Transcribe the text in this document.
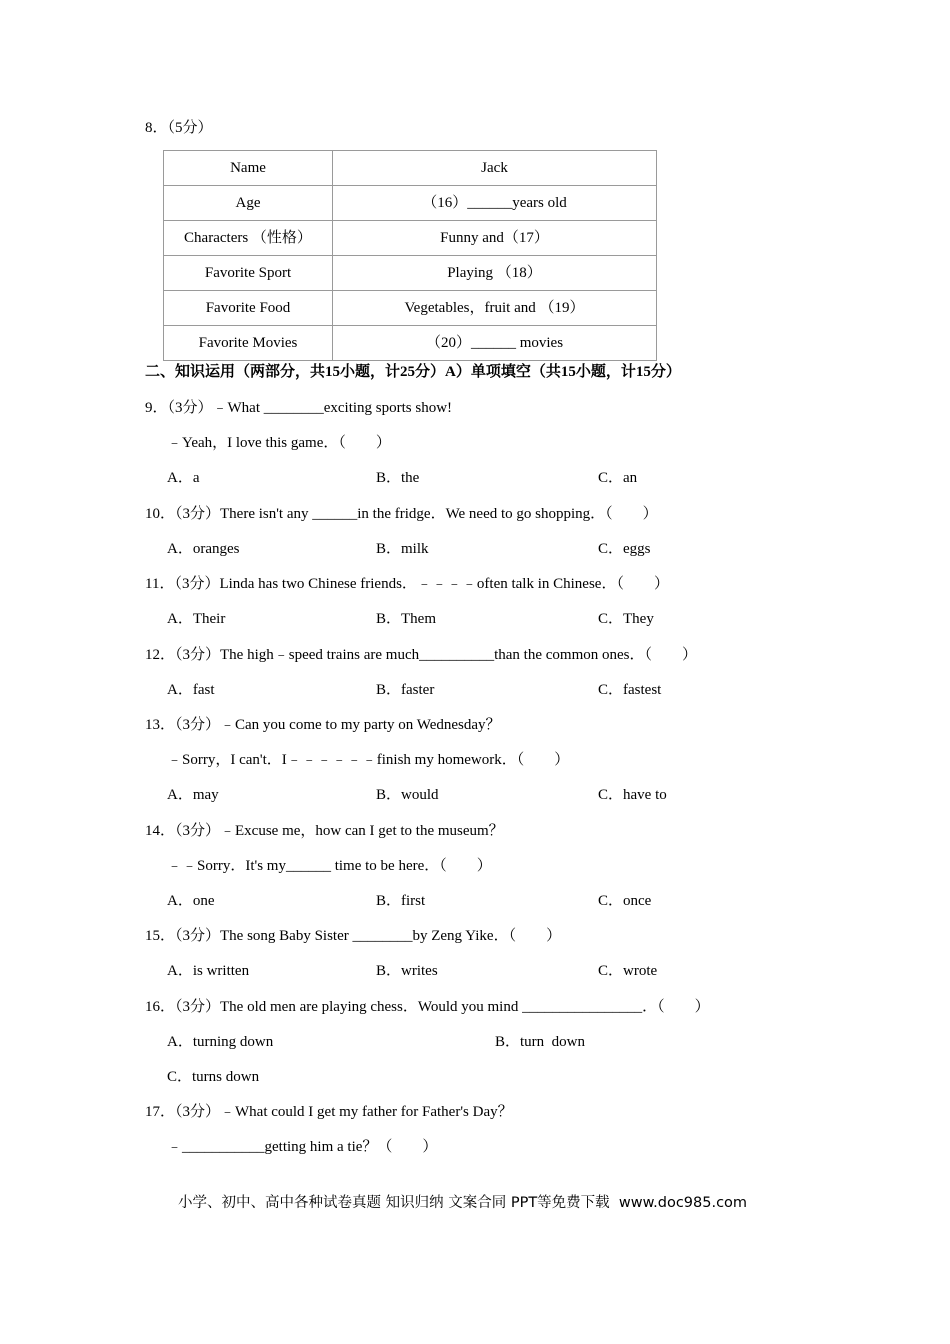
8．（5分）
Name	Jack
Age	（16）______years old
Characters （性格）	Funny and（17）
Favorite Sport	Playing （18）
Favorite Food	Vegetables，fruit and （19）
Favorite Movies	（20）______ movies
二、知识运用（两部分，共15小题，计25分）A）单项填空（共15小题，计15分）
9．（3分）﹣What ________exciting sports show!
﹣Yeah，I love this game．（　　）
A．a	B．the	C．an
10．（3分）There isn't any ______in the fridge．We need to go shopping．（　　）
A．oranges	B．milk	C．eggs
11．（3分）Linda has two Chinese friends．﹣﹣﹣﹣often talk in Chinese．（　　）
A．Their	B．Them	C．They
12．（3分）The high﹣speed trains are much__________than the common ones．（　　）
A．fast	B．faster	C．fastest
13．（3分）﹣Can you come to my party on Wednesday？
﹣Sorry，I can't．I﹣﹣﹣﹣﹣﹣finish my homework．（　　）
A．may	B．would	C．have to
14．（3分）﹣Excuse me，how can I get to the museum？
﹣﹣Sorry．It's my______ time to be here．（　　）
A．one	B．first	C．once
15．（3分）The song Baby Sister ________by Zeng Yike．（　　）
A．is written	B．writes	C．wrote
16．（3分）The old men are playing chess．Would you mind ________________．（　　）
A．turning down	B．turn  down
C．turns down
17．（3分）﹣What could I get my father for Father's Day？
﹣___________getting him a tie？（　　）
小学、初中、高中各种试卷真题 知识归纳 文案合同 PPT等免费下载  www.doc985.com
